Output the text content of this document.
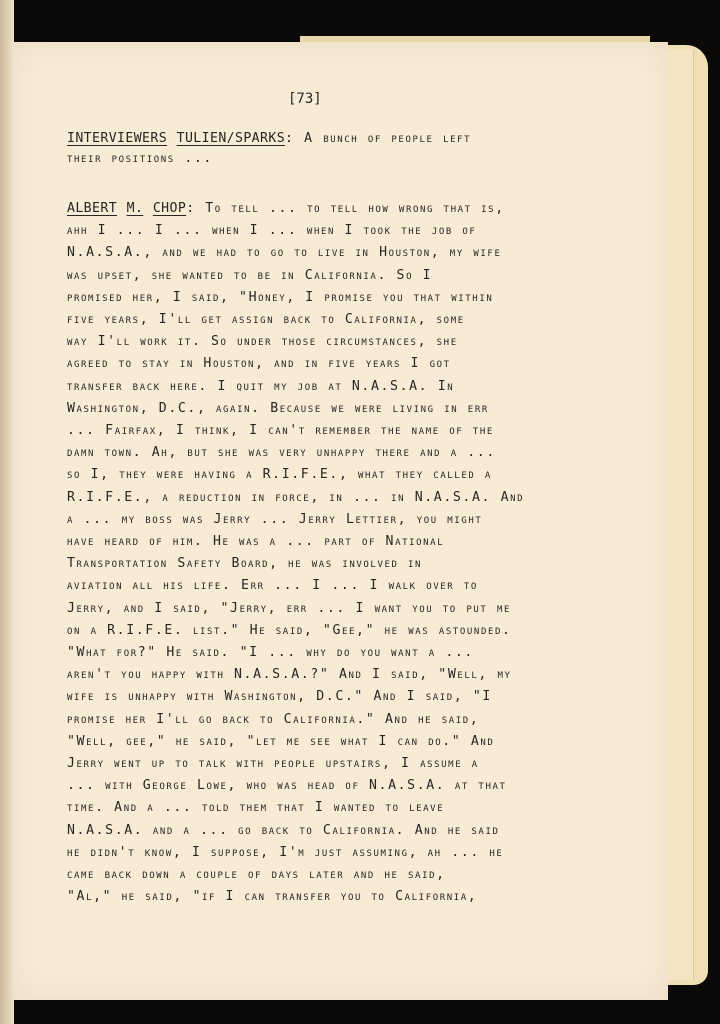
[73]
INTERVIEWERS TULIEN/SPARKS: A bunch of people left
their positions ...
ALBERT M. CHOP: To tell ... to tell how wrong that is,
ahh I ... I ... when I ... when I took the job of
N.A.S.A., and we had to go to live in Houston, my wife
was upset, she wanted to be in California. So I
promised her, I said, "Honey, I promise you that within
five years, I'll get assign back to California, some
way I'll work it. So under those circumstances, she
agreed to stay in Houston, and in five years I got
transfer back here. I quit my job at N.A.S.A. In
Washington, D.C., again. Because we were living in err
... Fairfax, I think, I can't remember the name of the
damn town. Ah, but she was very unhappy there and a ...
so I, they were having a R.I.F.E., what they called a
R.I.F.E., a reduction in force, in ... in N.A.S.A. And
a ... my boss was Jerry ... Jerry Lettier, you might
have heard of him. He was a ... part of National
Transportation Safety Board, he was involved in
aviation all his life. Err ... I ... I walk over to
Jerry, and I said, "Jerry, err ... I want you to put me
on a R.I.F.E. list." He said, "Gee," he was astounded.
"What for?" He said. "I ... why do you want a ...
aren't you happy with N.A.S.A.?" And I said, "Well, my
wife is unhappy with Washington, D.C." And I said, "I
promise her I'll go back to California." And he said,
"Well, gee," he said, "let me see what I can do." And
Jerry went up to talk with people upstairs, I assume a
... with George Lowe, who was head of N.A.S.A. at that
time. And a ... told them that I wanted to leave
N.A.S.A. and a ... go back to California. And he said
he didn't know, I suppose, I'm just assuming, ah ... he
came back down a couple of days later and he said,
"Al," he said, "if I can transfer you to California,
